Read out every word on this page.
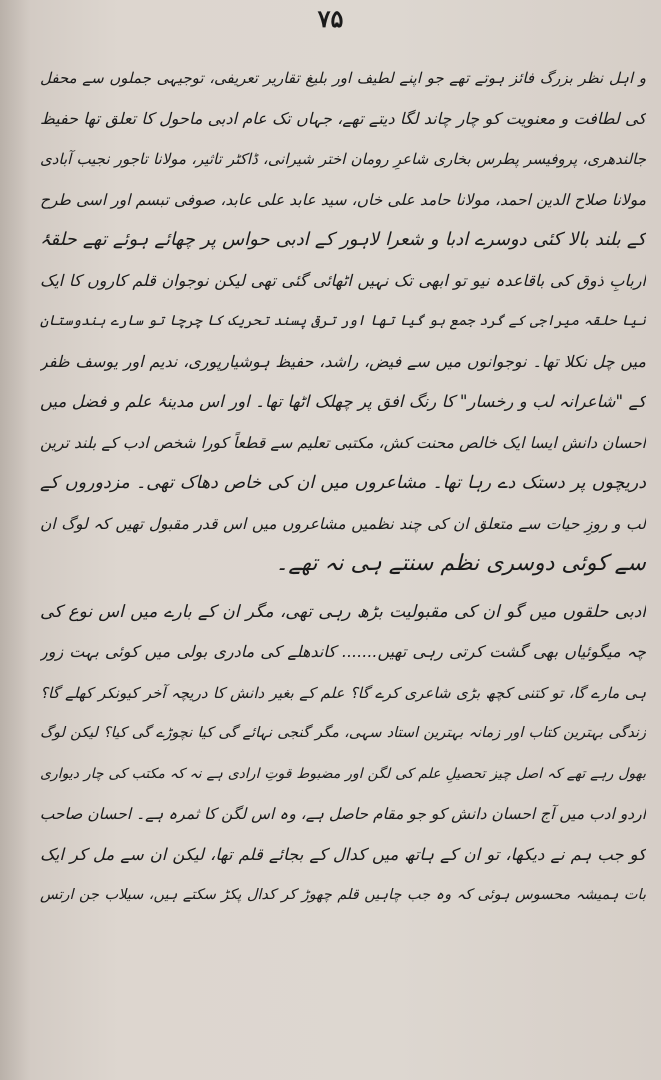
۷۵
و اہل نظر بزرگ فائز ہوتے تھے جو اپنے لطیف اور بلیغ تقاریر تعریفی، توجیہی جملوں سے محفل
کی لطافت و معنویت کو چار چاند لگا دیتے تھے، جہاں تک عام ادبی ماحول کا تعلق تھا حفیظ
جالندھری، پروفیسر پطرس بخاری شاعرِ رومان اختر شیرانی، ڈاکٹر تاثیر، مولانا تاجور نجیب آبادی
مولانا صلاح الدین احمد، مولانا حامد علی خاں، سید عابد علی عابد، صوفی تبسم اور اسی طرح
کے بلند بالا کئی دوسرے ادبا و شعرا لاہور کے ادبی حواس پر چھائے ہوئے تھے حلقۂ
اربابِ ذوق کی باقاعدہ نیو تو ابھی تک نہیں اٹھائی گئی تھی لیکن نوجوان قلم کاروں کا ایک
نیا حلقہ میراجی کے گرد جمع ہو گیا تھا اور ترقی پسند تحریک کا چرچا تو سارے ہندوستان
میں چل نکلا تھا۔ نوجوانوں میں سے فیض، راشد، حفیظ ہوشیارپوری، ندیم اور یوسف ظفر
کے "شاعرانہ لب و رخسار" کا رنگ افق پر چھلک اٹھا تھا۔ اور اس مدینۂ علم و فضل میں
احسان دانش ایسا ایک خالص محنت کش، مکتبی تعلیم سے قطعاً کورا شخص ادب کے بلند ترین
دریچوں پر دستک دے رہا تھا۔ مشاعروں میں ان کی خاص دھاک تھی۔ مزدوروں کے
لب و روزِ حیات سے متعلق ان کی چند نظمیں مشاعروں میں اس قدر مقبول تھیں کہ لوگ ان
سے کوئی دوسری نظم سنتے ہی نہ تھے۔
ادبی حلقوں میں گو ان کی مقبولیت بڑھ رہی تھی، مگر ان کے بارے میں اس نوع کی
چہ میگوئیاں بھی گشت کرتی رہی تھیں....... کاندھلے کی مادری بولی میں کوئی بہت زور
ہی مارے گا، تو کتنی کچھ بڑی شاعری کرے گا؟ علم کے بغیر دانش کا دریچہ آخر کیونکر کھلے گا؟
زندگی بہترین کتاب اور زمانہ بہترین استاد سہی، مگر گنجی نہائے گی کیا نچوڑے گی کیا؟ لیکن لوگ
بھول رہے تھے کہ اصل چیز تحصیلِ علم کی لگن اور مضبوط قوتِ ارادی ہے نہ کہ مکتب کی چار دیواری
اردو ادب میں آج احسان دانش کو جو مقام حاصل ہے، وہ اس لگن کا ثمرہ ہے۔ احسان صاحب
کو جب ہم نے دیکھا، تو ان کے ہاتھ میں کدال کے بجائے قلم تھا، لیکن ان سے مل کر ایک
بات ہمیشہ محسوس ہوئی کہ وہ جب چاہیں قلم چھوڑ کر کدال پکڑ سکتے ہیں، سیلاب جن ارتس
